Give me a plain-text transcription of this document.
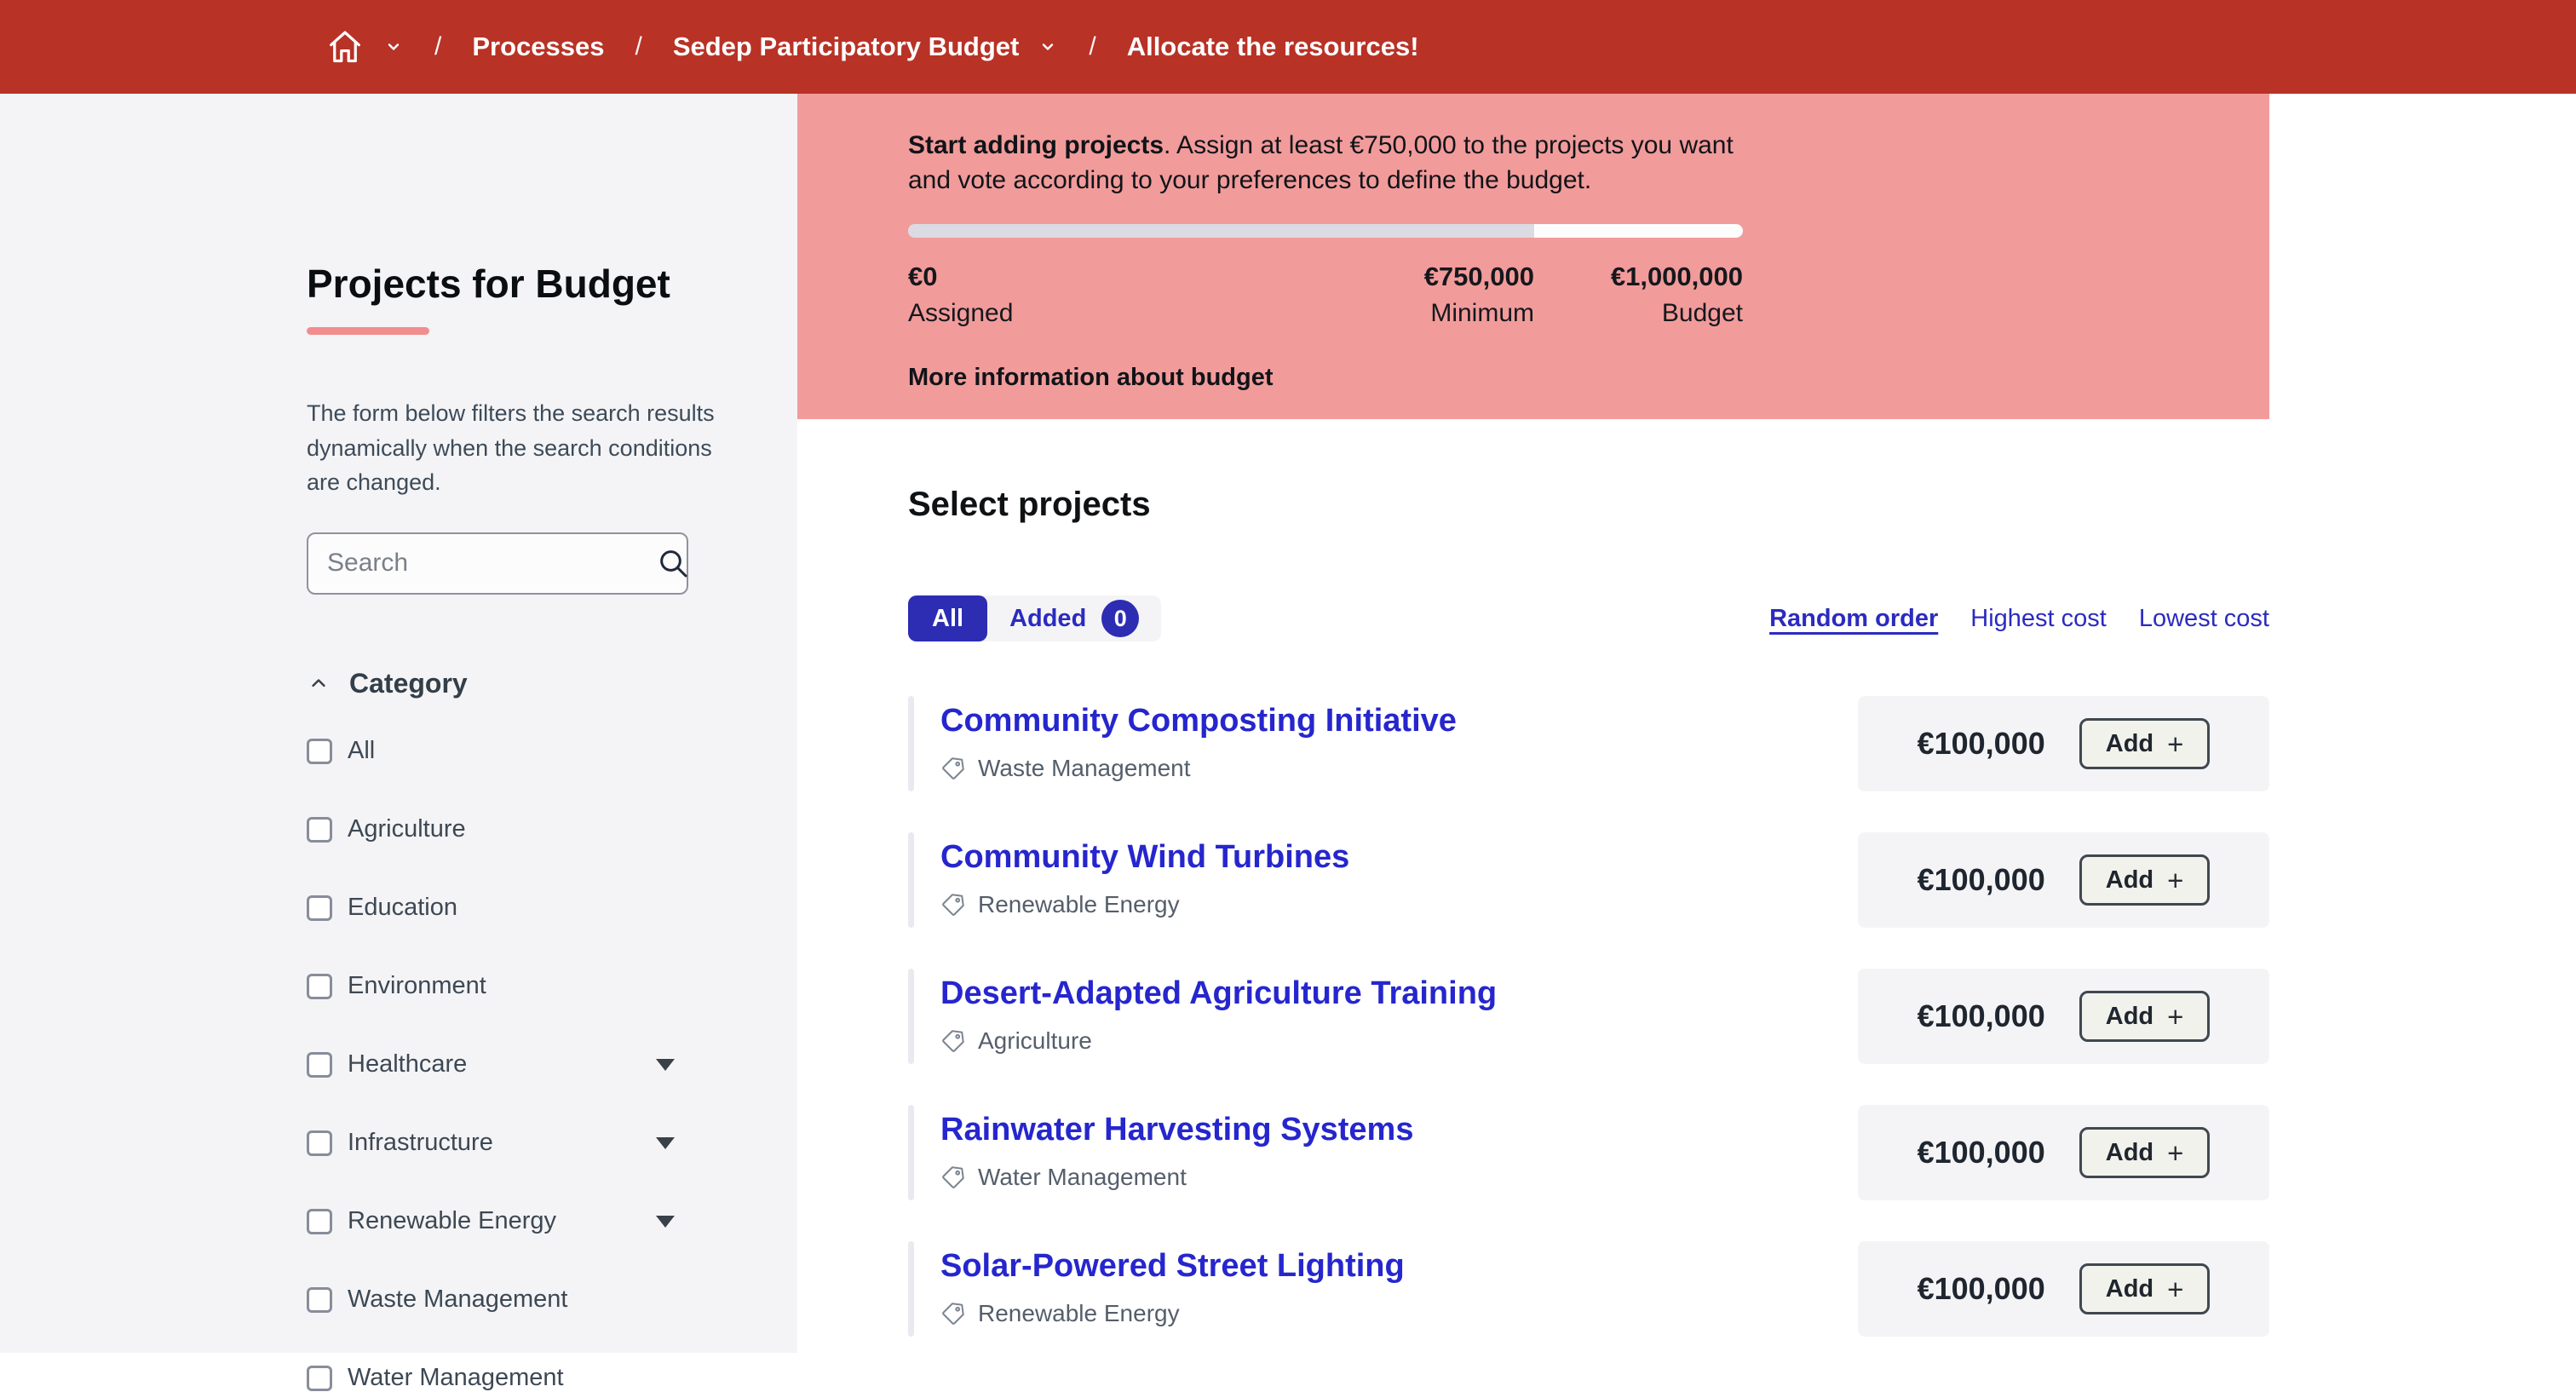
/ Processes / Sedep Participatory Budget	/ Allocate the resources!
Projects for Budget

The form below filters the search results dynamically when the search conditions are changed.

Search
Category
All
Agriculture
Education
Environment
Healthcare
Infrastructure
Renewable Energy
Waste Management
Water Management

Start adding projects. Assign at least €750,000 to the projects you want and vote according to your preferences to define the budget.

€0
Assigned
€750,000
Minimum
€1,000,000
Budget
More information about budget
Select projects
All	Added	0	Random order Highest cost Lowest cost
Community Composting Initiative
Waste Management
€100,000 Add +
Community Wind Turbines
Renewable Energy
€100,000 Add +
Desert-Adapted Agriculture Training
Agriculture
€100,000 Add +
Rainwater Harvesting Systems
Water Management
€100,000 Add +
Solar-Powered Street Lighting
Renewable Energy
€100,000 Add +
